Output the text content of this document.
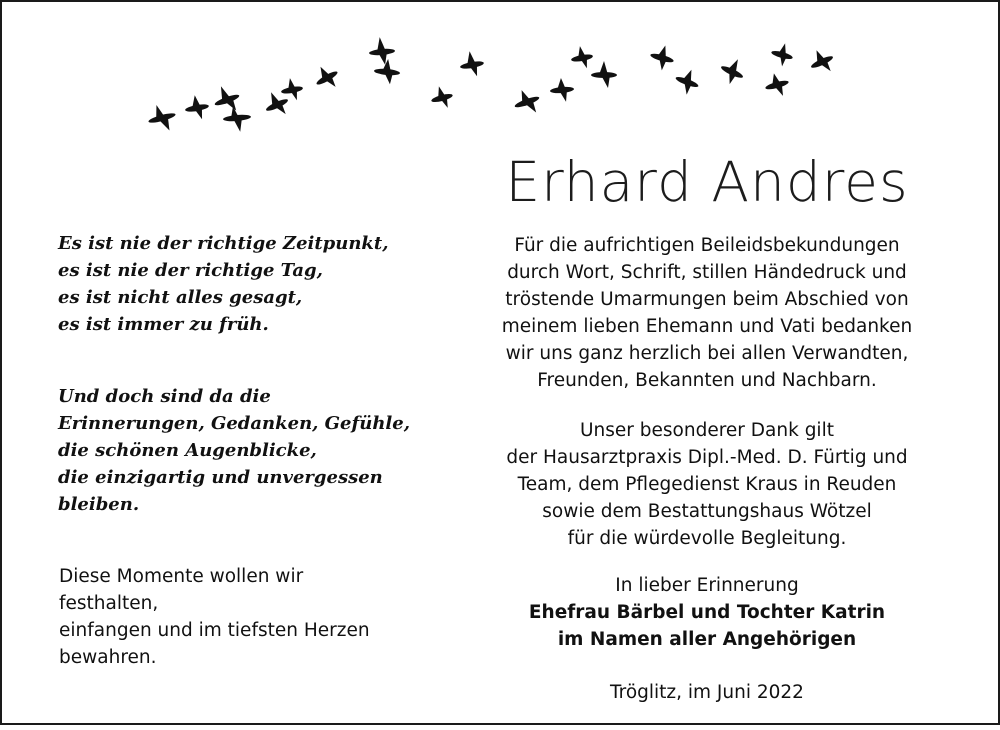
Erhard Andres

Es ist nie der richtige Zeitpunkt,

es ist nie der richtige Tag,

es ist nicht alles gesagt,

es ist immer zu früh.

Und doch sind da die

Erinnerungen, Gedanken, Gefühle,

die schönen Augenblicke,

die einzigartig und unvergessen

bleiben.

Diese Momente wollen wir

festhalten,

einfangen und im tiefsten Herzen

bewahren.

Für die aufrichtigen Beileidsbekundungen

durch Wort, Schrift, stillen Händedruck und

tröstende Umarmungen beim Abschied von

meinem lieben Ehemann und Vati bedanken

wir uns ganz herzlich bei allen Verwandten,

Freunden, Bekannten und Nachbarn.

Unser besonderer Dank gilt

der Hausarztpraxis Dipl.-Med. D. Fürtig und

Team, dem Pflegedienst Kraus in Reuden

sowie dem Bestattungshaus Wötzel

für die würdevolle Begleitung.

In lieber Erinnerung

Ehefrau Bärbel und Tochter Katrin

im Namen aller Angehörigen

Tröglitz, im Juni 2022
